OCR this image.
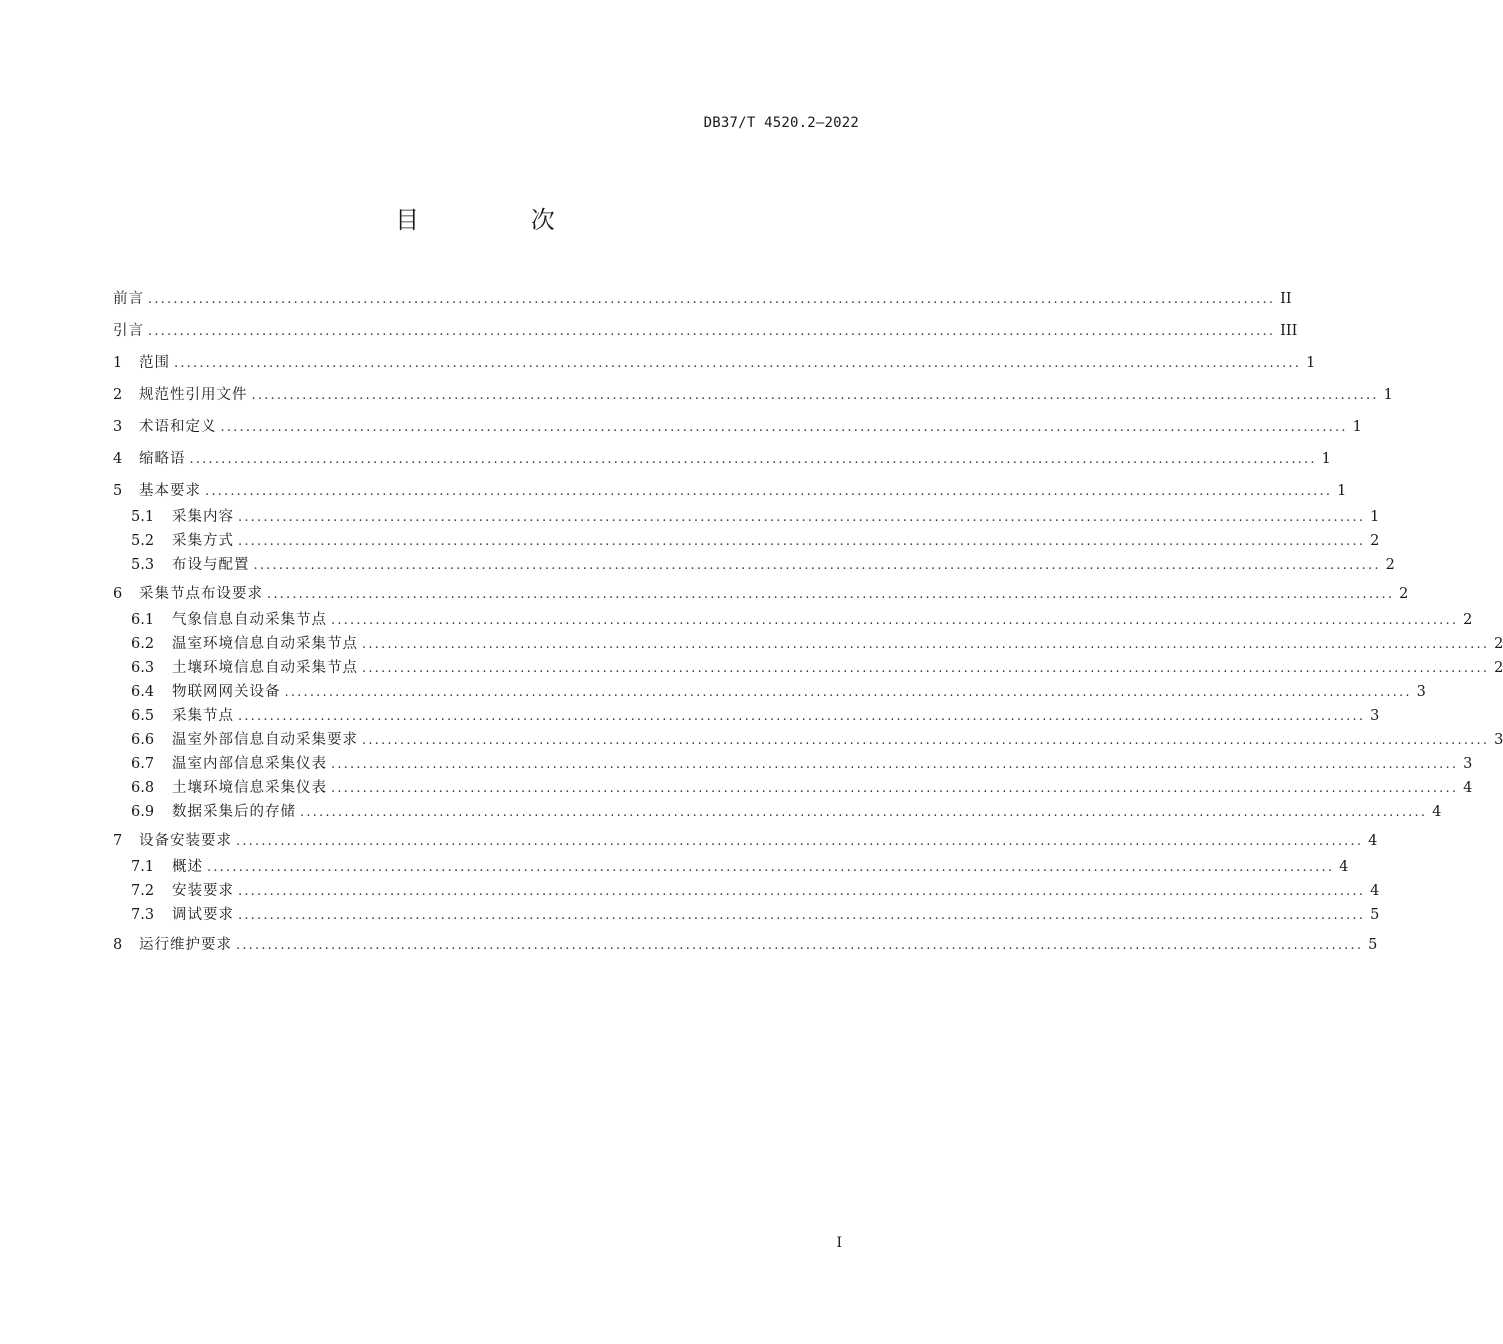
DB37/T 4520.2—2022
目 次
前言 .................................................................................................................................................................................. II
引言 .................................................................................................................................................................................. III
1	范围 .................................................................................................................................................................................. 1
2	规范性引用文件 .................................................................................................................................................................................. 1
3	术语和定义 .................................................................................................................................................................................. 1
4	缩略语 .................................................................................................................................................................................. 1
5	基本要求 .................................................................................................................................................................................. 1
5.1	采集内容 .................................................................................................................................................................................. 1
5.2	采集方式 .................................................................................................................................................................................. 2
5.3	布设与配置 .................................................................................................................................................................................. 2
6	采集节点布设要求 .................................................................................................................................................................................. 2
6.1	气象信息自动采集节点 .................................................................................................................................................................................. 2
6.2	温室环境信息自动采集节点 .................................................................................................................................................................................. 2
6.3	土壤环境信息自动采集节点 .................................................................................................................................................................................. 2
6.4	物联网网关设备 .................................................................................................................................................................................. 3
6.5	采集节点 .................................................................................................................................................................................. 3
6.6	温室外部信息自动采集要求 .................................................................................................................................................................................. 3
6.7	温室内部信息采集仪表 .................................................................................................................................................................................. 3
6.8	土壤环境信息采集仪表 .................................................................................................................................................................................. 4
6.9	数据采集后的存储 .................................................................................................................................................................................. 4
7	设备安装要求 .................................................................................................................................................................................. 4
7.1	概述 .................................................................................................................................................................................. 4
7.2	安装要求 .................................................................................................................................................................................. 4
7.3	调试要求 .................................................................................................................................................................................. 5
8	运行维护要求 .................................................................................................................................................................................. 5
I
